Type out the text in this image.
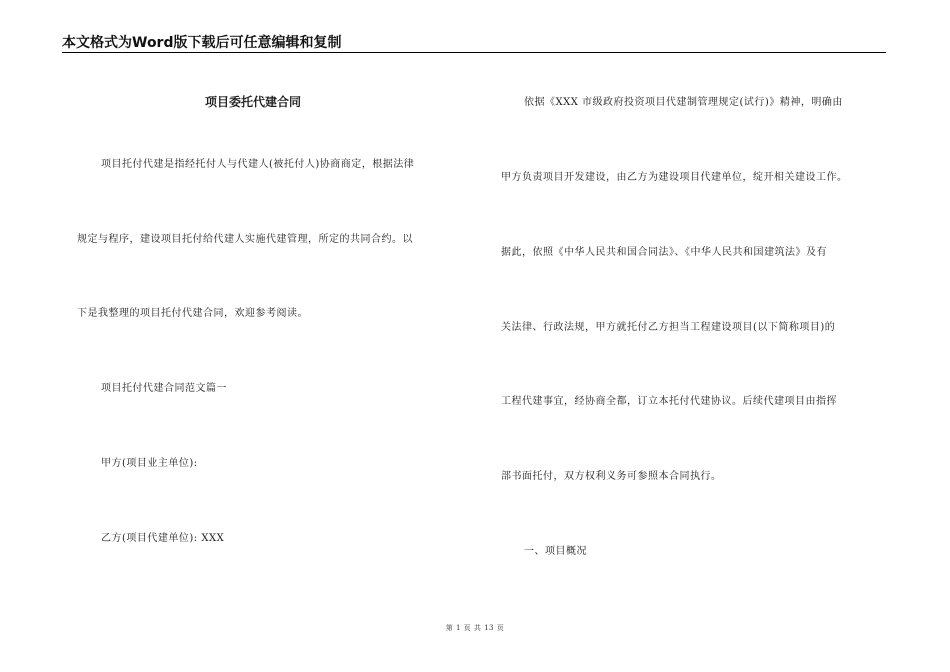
本文格式为Word版下载后可任意编辑和复制
项目委托代建合同
项目托付代建是指经托付人与代建人(被托付人)协商商定，根据法律
规定与程序，建设项目托付给代建人实施代建管理，所定的共同合约。以
下是我整理的项目托付代建合同，欢迎参考阅读。
项目托付代建合同范文篇一
甲方(项目业主单位):
乙方(项目代建单位): XXX
依据《XXX 市级政府投资项目代建制管理规定(试行)》精神，明确由
甲方负责项目开发建设，由乙方为建设项目代建单位，绽开相关建设工作。
据此，依照《中华人民共和国合同法》、《中华人民共和国建筑法》及有
关法律、行政法规，甲方就托付乙方担当工程建设项目(以下简称项目)的
工程代建事宜，经协商全都，订立本托付代建协议。后续代建项目由指挥
部书面托付，双方权利义务可参照本合同执行。
一、项目概况
第 1 页 共 13 页
